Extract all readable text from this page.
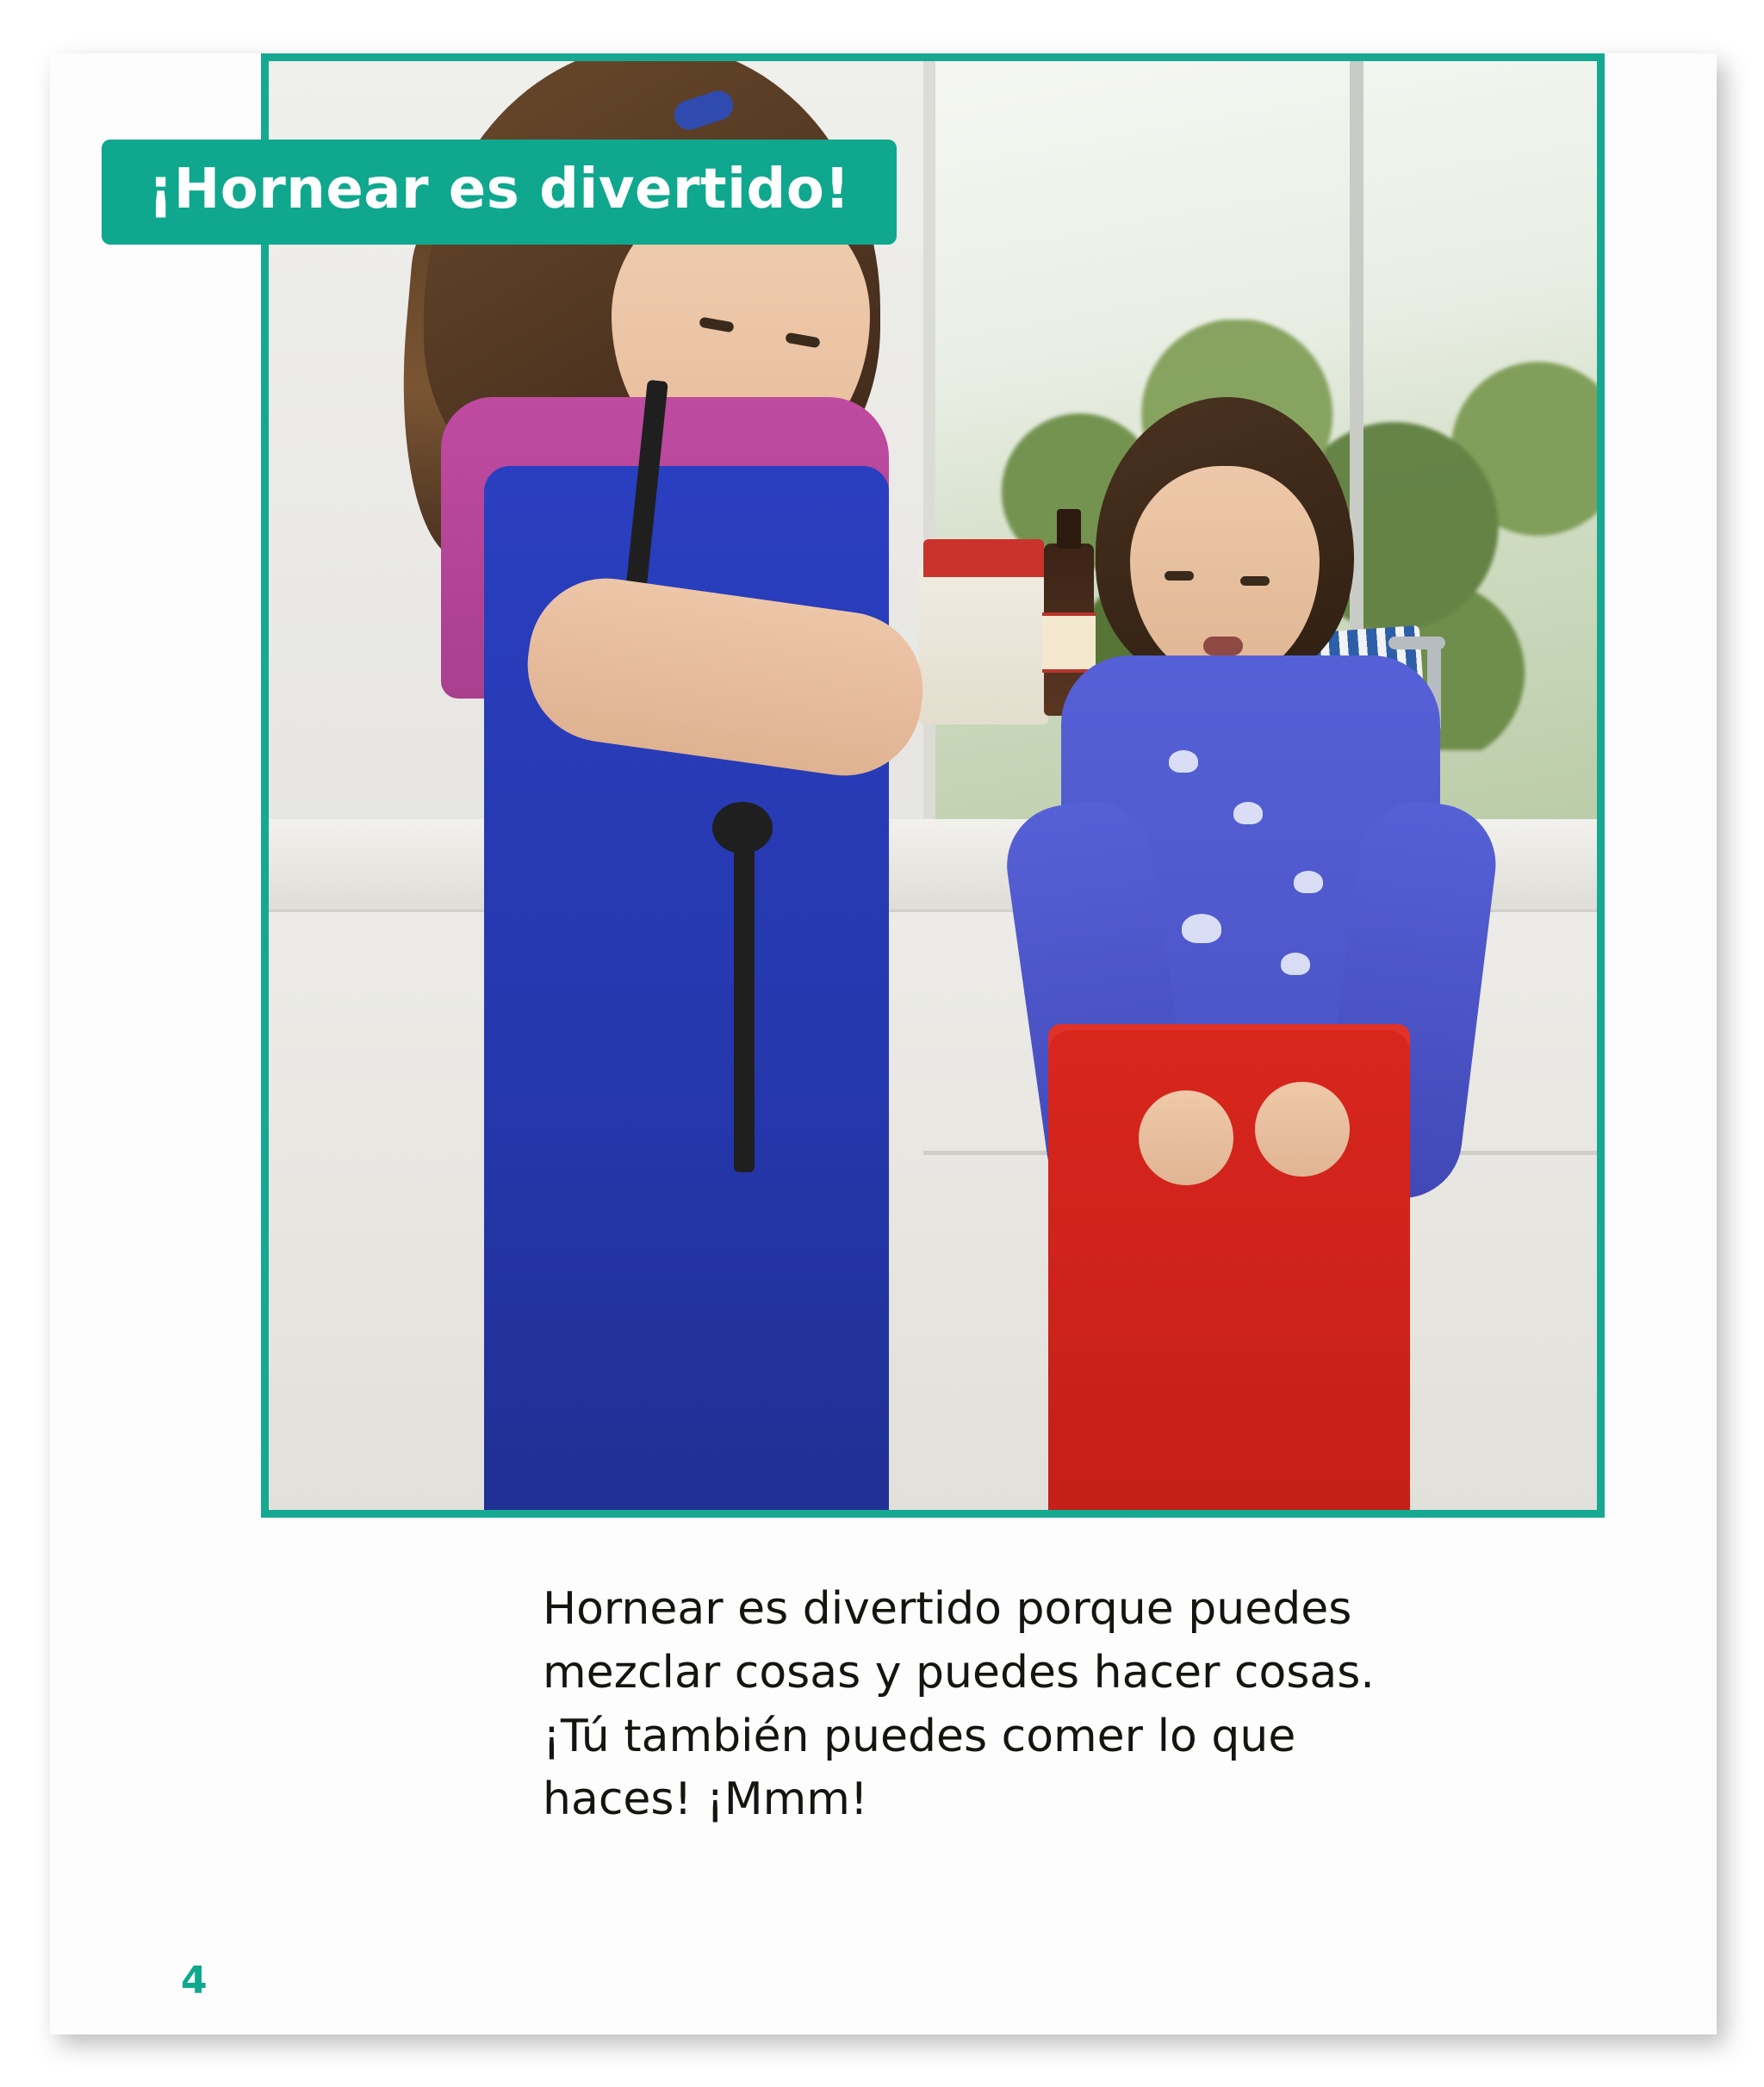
¡Hornear es divertido!

Hornear es divertido porque puedes mezclar cosas y puedes hacer cosas. ¡Tú también puedes comer lo que haces! ¡Mmm!

4
